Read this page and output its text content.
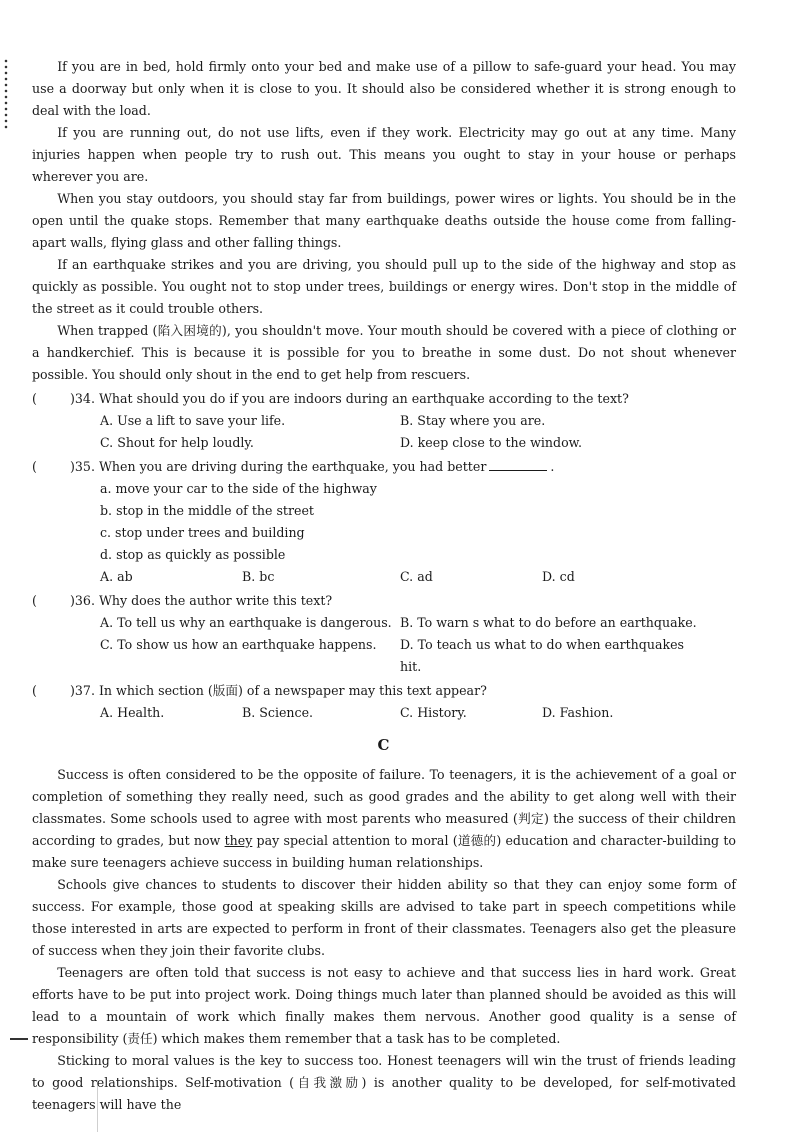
If you are in bed, hold firmly onto your bed and make use of a pillow to safe-guard your head. You may use a doorway but only when it is close to you. It should also be considered whether it is strong enough to deal with the load.

If you are running out, do not use lifts, even if they work. Electricity may go out at any time. Many injuries happen when people try to rush out. This means you ought to stay in your house or perhaps wherever you are.

When you stay outdoors, you should stay far from buildings, power wires or lights. You should be in the open until the quake stops. Remember that many earthquake deaths outside the house come from falling-apart walls, flying glass and other falling things.

If an earthquake strikes and you are driving, you should pull up to the side of the highway and stop as quickly as possible. You ought not to stop under trees, buildings or energy wires. Don't stop in the middle of the street as it could trouble others.

When trapped (陷入困境的), you shouldn't move. Your mouth should be covered with a piece of clothing or a handkerchief. This is because it is possible for you to breathe in some dust. Do not shout whenever possible. You should only shout in the end to get help from rescuers.

(	)34. What should you do if you are indoors during an earthquake according to the text?
A. Use a lift to save your life.	B. Stay where you are.
C. Shout for help loudly.	D. keep close to the window.
(	)35. When you are driving during the earthquake, you had better	.
a. move your car to the side of the highway
b. stop in the middle of the street
c. stop under trees and building
d. stop as quickly as possible
A. ab	B. bc	C. ad	D. cd
(	)36. Why does the author write this text?
A. To tell us why an earthquake is dangerous. B. To warn s what to do before an earthquake.
C. To show us how an earthquake happens.	D. To teach us what to do when earthquakes hit.
(	)37. In which section (版面) of a newspaper may this text appear?
A. Health.	B. Science.	C. History.	D. Fashion.
C

Success is often considered to be the opposite of failure. To teenagers, it is the achievement of a goal or completion of something they really need, such as good grades and the ability to get along well with their classmates. Some schools used to agree with most parents who measured (判定) the success of their children according to grades, but now they pay special attention to moral (道德的) education and character-building to make sure teenagers achieve success in building human relationships.

Schools give chances to students to discover their hidden ability so that they can enjoy some form of success. For example, those good at speaking skills are advised to take part in speech competitions while those interested in arts are expected to perform in front of their classmates. Teenagers also get the pleasure of success when they join their favorite clubs.

Teenagers are often told that success is not easy to achieve and that success lies in hard work. Great efforts have to be put into project work. Doing things much later than planned should be avoided as this will lead to a mountain of work which finally makes them nervous. Another good quality is a sense of responsibility (责任) which makes them remember that a task has to be completed.

Sticking to moral values is the key to success too. Honest teenagers will win the trust of friends leading to good relationships. Self-motivation (自我激励) is another quality to be developed, for self-motivated teenagers will have the
